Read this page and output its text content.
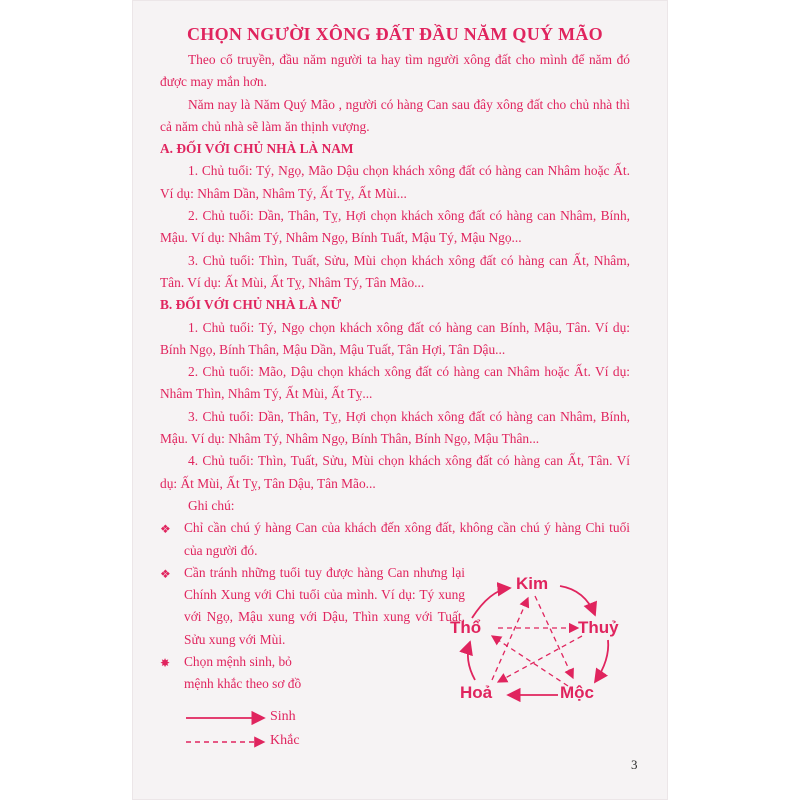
CHỌN NGƯỜI XÔNG ĐẤT ĐẦU NĂM QUÝ MÃO

Theo cổ truyền, đầu năm người ta hay tìm người xông đất cho mình để năm đó được may mắn hơn.

Năm nay là Năm Quý Mão , người có hàng Can sau đây xông đất cho chủ nhà thì cả năm chủ nhà sẽ làm ăn thịnh vượng.

A. ĐỐI VỚI CHỦ NHÀ LÀ NAM

1. Chủ tuổi: Tý, Ngọ, Mão Dậu chọn khách xông đất có hàng can Nhâm hoặc Ất. Ví dụ: Nhâm Dần, Nhâm Tý, Ất Tỵ, Ất Mùi...

2. Chủ tuổi: Dần, Thân, Tỵ, Hợi chọn khách xông đất có hàng can Nhâm, Bính, Mậu. Ví dụ: Nhâm Tý, Nhâm Ngọ, Bính Tuất, Mậu Tý, Mậu Ngọ...

3. Chủ tuổi: Thìn, Tuất, Sửu, Mùi chọn khách xông đất có hàng can Ất, Nhâm, Tân. Ví dụ: Ất Mùi, Ất Tỵ, Nhâm Tý, Tân Mão...

B. ĐỐI VỚI CHỦ NHÀ LÀ NỮ

1. Chủ tuổi: Tý, Ngọ chọn khách xông đất có hàng can Bính, Mậu, Tân. Ví dụ: Bính Ngọ, Bính Thân, Mậu Dần, Mậu Tuất, Tân Hợi, Tân Dậu...

2. Chủ tuổi: Mão, Dậu chọn khách xông đất có hàng can Nhâm hoặc Ất. Ví dụ: Nhâm Thìn, Nhâm Tý, Ất Mùi, Ất Tỵ...

3. Chủ tuổi: Dần, Thân, Tỵ, Hợi chọn khách xông đất có hàng can Nhâm, Bính, Mậu. Ví dụ: Nhâm Tý, Nhâm Ngọ, Bính Thân, Bính Ngọ, Mậu Thân...

4. Chủ tuổi: Thìn, Tuất, Sửu, Mùi chọn khách xông đất có hàng can Ất, Tân. Ví dụ: Ất Mùi, Ất Tỵ, Tân Dậu, Tân Mão...

Ghi chú:

❖ Chỉ cần chú ý hàng Can của khách đến xông đất, không cần chú ý hàng Chi tuổi của người đó.
❖ Cần tránh những tuổi tuy được hàng Can nhưng lại Chính Xung với Chi tuổi của mình. Ví dụ: Tý xung với Ngọ, Mậu xung với Dậu, Thìn xung với Tuất, Sửu xung với Mùi.
✸	Chọn mệnh sinh, bỏ mệnh khắc theo sơ đồ
Kim
Thuỷ
Mộc
Hoả
Thổ
Sinh
Khắc
3
